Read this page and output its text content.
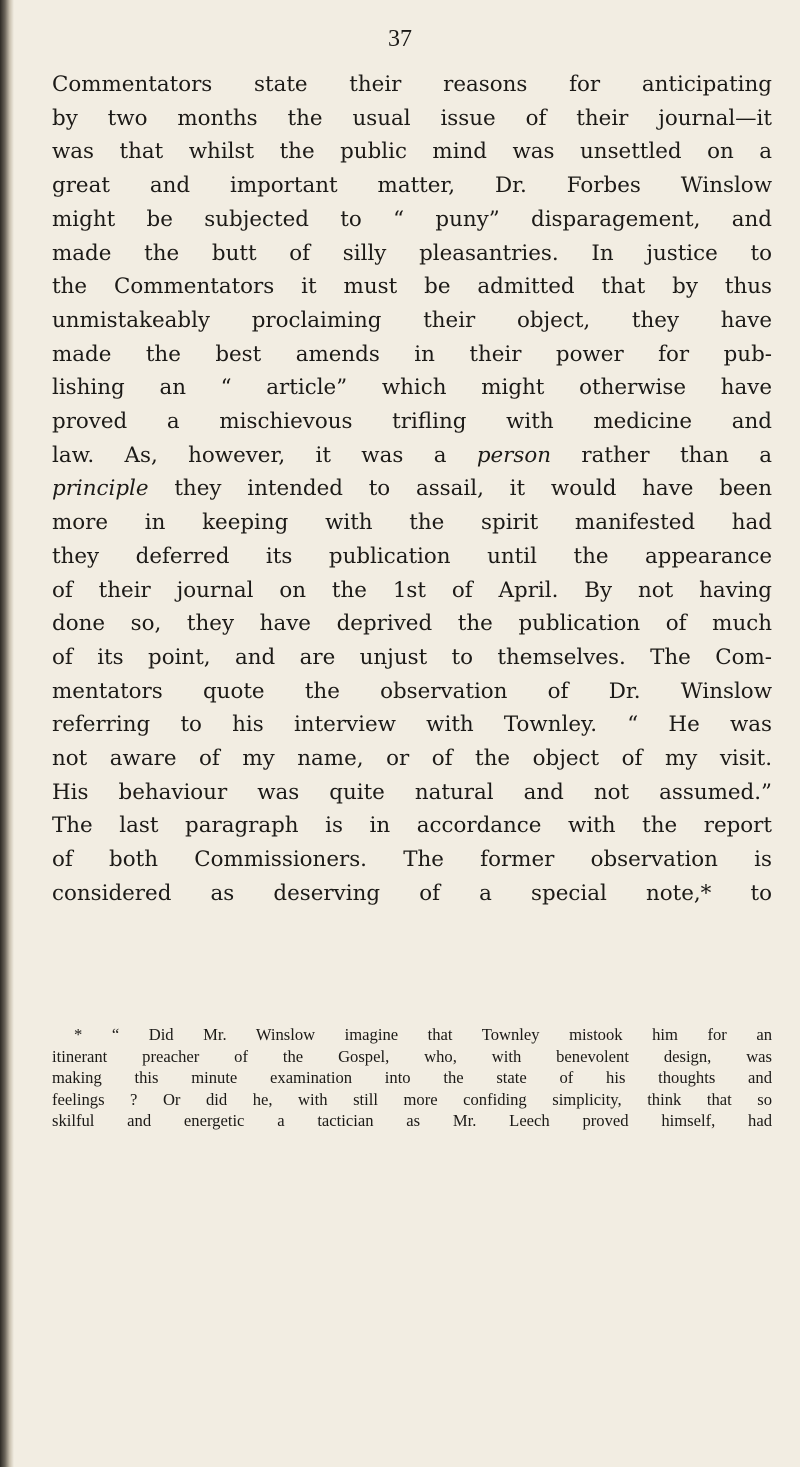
37
Commentators state their reasons for anticipating
by two months the usual issue of their journal—it
was that whilst the public mind was unsettled on a
great and important matter, Dr. Forbes Winslow
might be subjected to “ puny” disparagement, and
made the butt of silly pleasantries. In justice to
the Commentators it must be admitted that by thus
unmistakeably proclaiming their object, they have
made the best amends in their power for pub-
lishing an “ article” which might otherwise have
proved a mischievous trifling with medicine and
law. As, however, it was a person rather than a
principle they intended to assail, it would have been
more in keeping with the spirit manifested had
they deferred its publication until the appearance
of their journal on the 1st of April. By not having
done so, they have deprived the publication of much
of its point, and are unjust to themselves. The Com-
mentators quote the observation of Dr. Winslow
referring to his interview with Townley. “ He was
not aware of my name, or of the object of my visit.
His behaviour was quite natural and not assumed.”
The last paragraph is in accordance with the report
of both Commissioners. The former observation is
considered as deserving of a special note,* to
* “ Did Mr. Winslow imagine that Townley mistook him for an
itinerant preacher of the Gospel, who, with benevolent design, was
making this minute examination into the state of his thoughts and
feelings ? Or did he, with still more confiding simplicity, think that so
skilful and energetic a tactician as Mr. Leech proved himself, had
